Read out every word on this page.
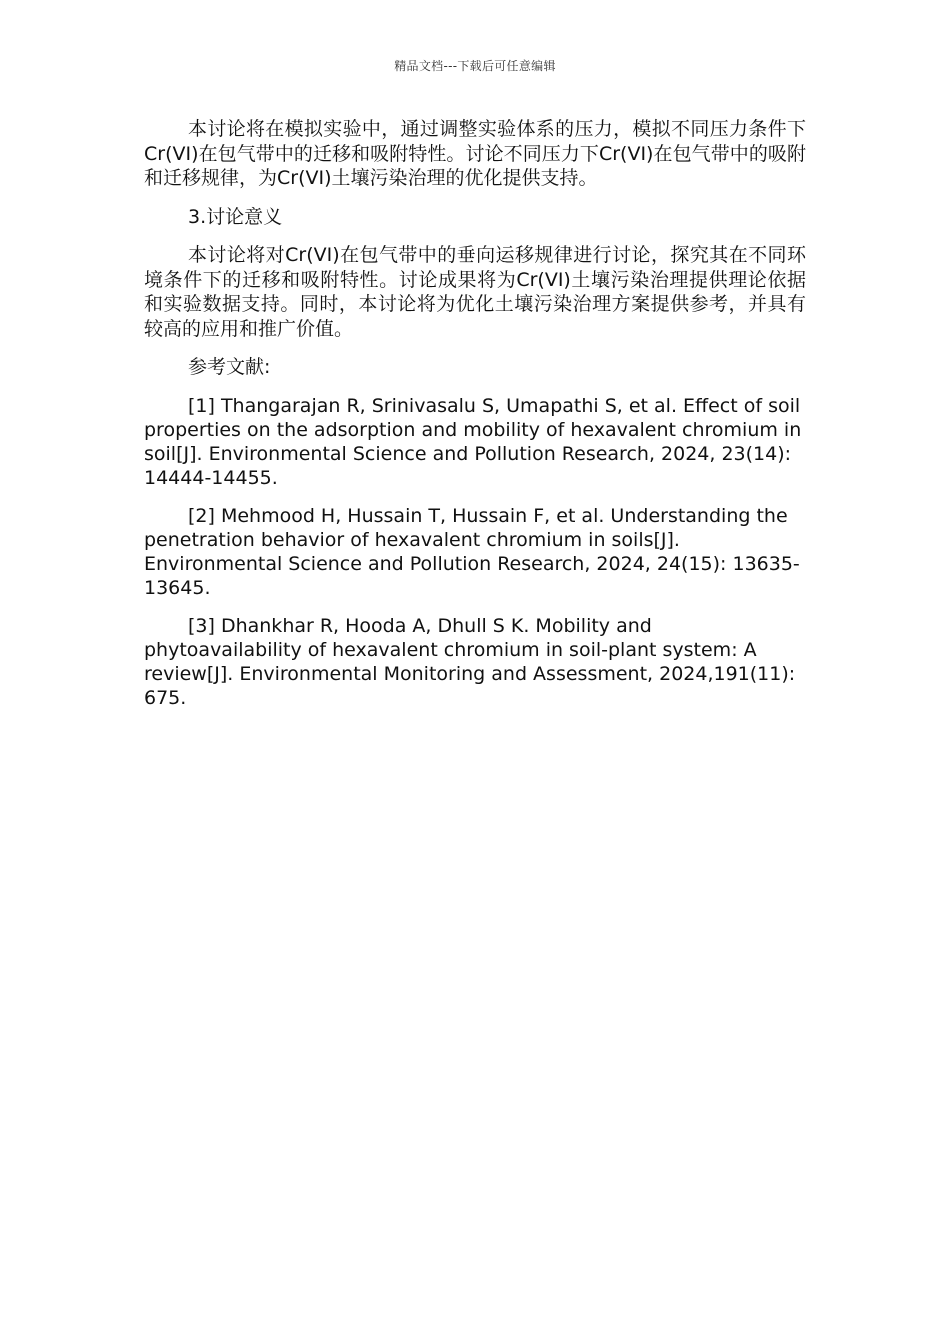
精品文档---下载后可任意编辑

本讨论将在模拟实验中，通过调整实验体系的压力，模拟不同压力条件下Cr(VI)在包气带中的迁移和吸附特性。讨论不同压力下Cr(VI)在包气带中的吸附和迁移规律，为Cr(VI)土壤污染治理的优化提供支持。

3.讨论意义

本讨论将对Cr(VI)在包气带中的垂向运移规律进行讨论，探究其在不同环境条件下的迁移和吸附特性。讨论成果将为Cr(VI)土壤污染治理提供理论依据和实验数据支持。同时，本讨论将为优化土壤污染治理方案提供参考，并具有较高的应用和推广价值。

参考文献:

[1] Thangarajan R, Srinivasalu S, Umapathi S, et al. Effect of soil properties on the adsorption and mobility of hexavalent chromium in soil[J]. Environmental Science and Pollution Research, 2024, 23(14): 14444-14455.

[2] Mehmood H, Hussain T, Hussain F, et al. Understanding the penetration behavior of hexavalent chromium in soils[J]. Environmental Science and Pollution Research, 2024, 24(15): 13635-13645.

[3] Dhankhar R, Hooda A, Dhull S K. Mobility and phytoavailability of hexavalent chromium in soil-plant system: A review[J]. Environmental Monitoring and Assessment, 2024,191(11): 675.
